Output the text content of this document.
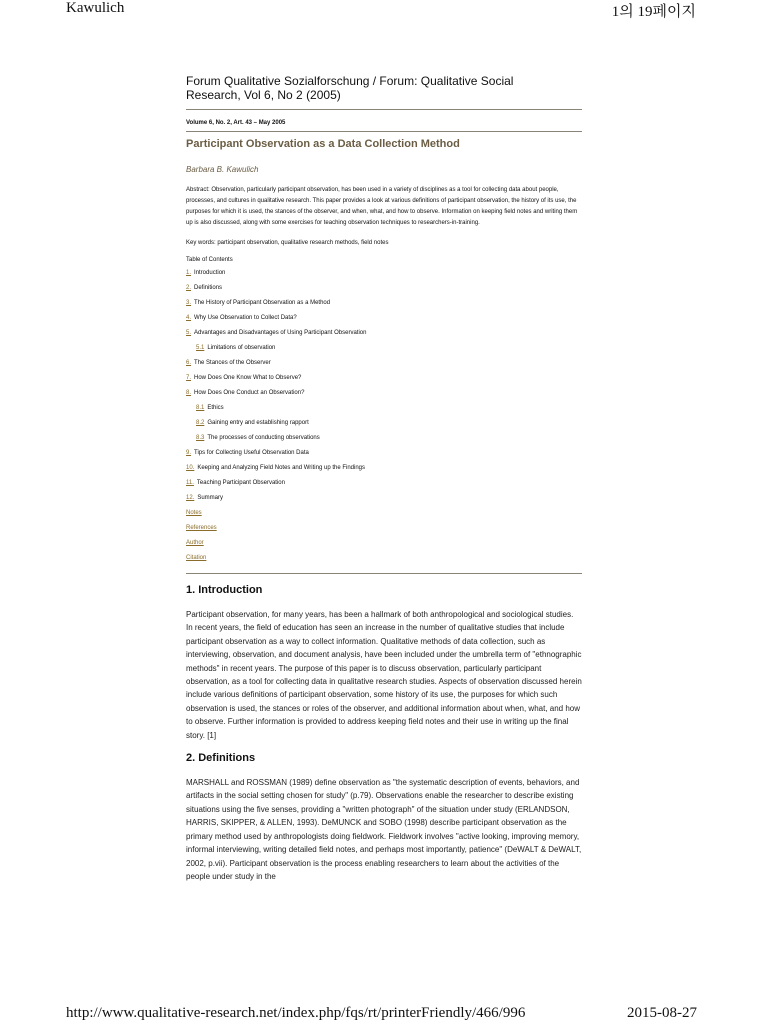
Kawulich	1의 19페이지

Forum Qualitative Sozialforschung / Forum: Qualitative Social
Research, Vol 6, No 2 (2005)

Volume 6, No. 2, Art. 43 – May 2005
Participant Observation as a Data Collection Method
Barbara B. Kawulich
Abstract: Observation, particularly participant observation, has been used in a variety of disciplines as a tool for collecting data about people, processes, and cultures in qualitative research. This paper provides a look at various definitions of participant observation, the history of its use, the purposes for which it is used, the stances of the observer, and when, what, and how to observe. Information on keeping field notes and writing them up is also discussed, along with some exercises for teaching observation techniques to researchers-in-training.
Key words: participant observation, qualitative research methods, field notes
Table of Contents
1. Introduction
2. Definitions
3. The History of Participant Observation as a Method
4. Why Use Observation to Collect Data?
5. Advantages and Disadvantages of Using Participant Observation
5.1 Limitations of observation
6. The Stances of the Observer
7. How Does One Know What to Observe?
8. How Does One Conduct an Observation?
8.1 Ethics
8.2 Gaining entry and establishing rapport
8.3 The processes of conducting observations
9. Tips for Collecting Useful Observation Data
10. Keeping and Analyzing Field Notes and Writing up the Findings
11. Teaching Participant Observation
12. Summary
Notes
References
Author
Citation
1. Introduction

Participant observation, for many years, has been a hallmark of both anthropological and sociological studies. In recent years, the field of education has seen an increase in the number of qualitative studies that include participant observation as a way to collect information. Qualitative methods of data collection, such as interviewing, observation, and document analysis, have been included under the umbrella term of "ethnographic methods" in recent years. The purpose of this paper is to discuss observation, particularly participant observation, as a tool for collecting data in qualitative research studies. Aspects of observation discussed herein include various definitions of participant observation, some history of its use, the purposes for which such observation is used, the stances or roles of the observer, and additional information about when, what, and how to observe. Further information is provided to address keeping field notes and their use in writing up the final story. [1]

2. Definitions

MARSHALL and ROSSMAN (1989) define observation as "the systematic description of events, behaviors, and artifacts in the social setting chosen for study" (p.79). Observations enable the researcher to describe existing situations using the five senses, providing a "written photograph" of the situation under study (ERLANDSON, HARRIS, SKIPPER, & ALLEN, 1993). DeMUNCK and SOBO (1998) describe participant observation as the primary method used by anthropologists doing fieldwork. Fieldwork involves "active looking, improving memory, informal interviewing, writing detailed field notes, and perhaps most importantly, patience" (DeWALT & DeWALT, 2002, p.vii). Participant observation is the process enabling researchers to learn about the activities of the people under study in the

http://www.qualitative-research.net/index.php/fqs/rt/printerFriendly/466/996	2015-08-27
